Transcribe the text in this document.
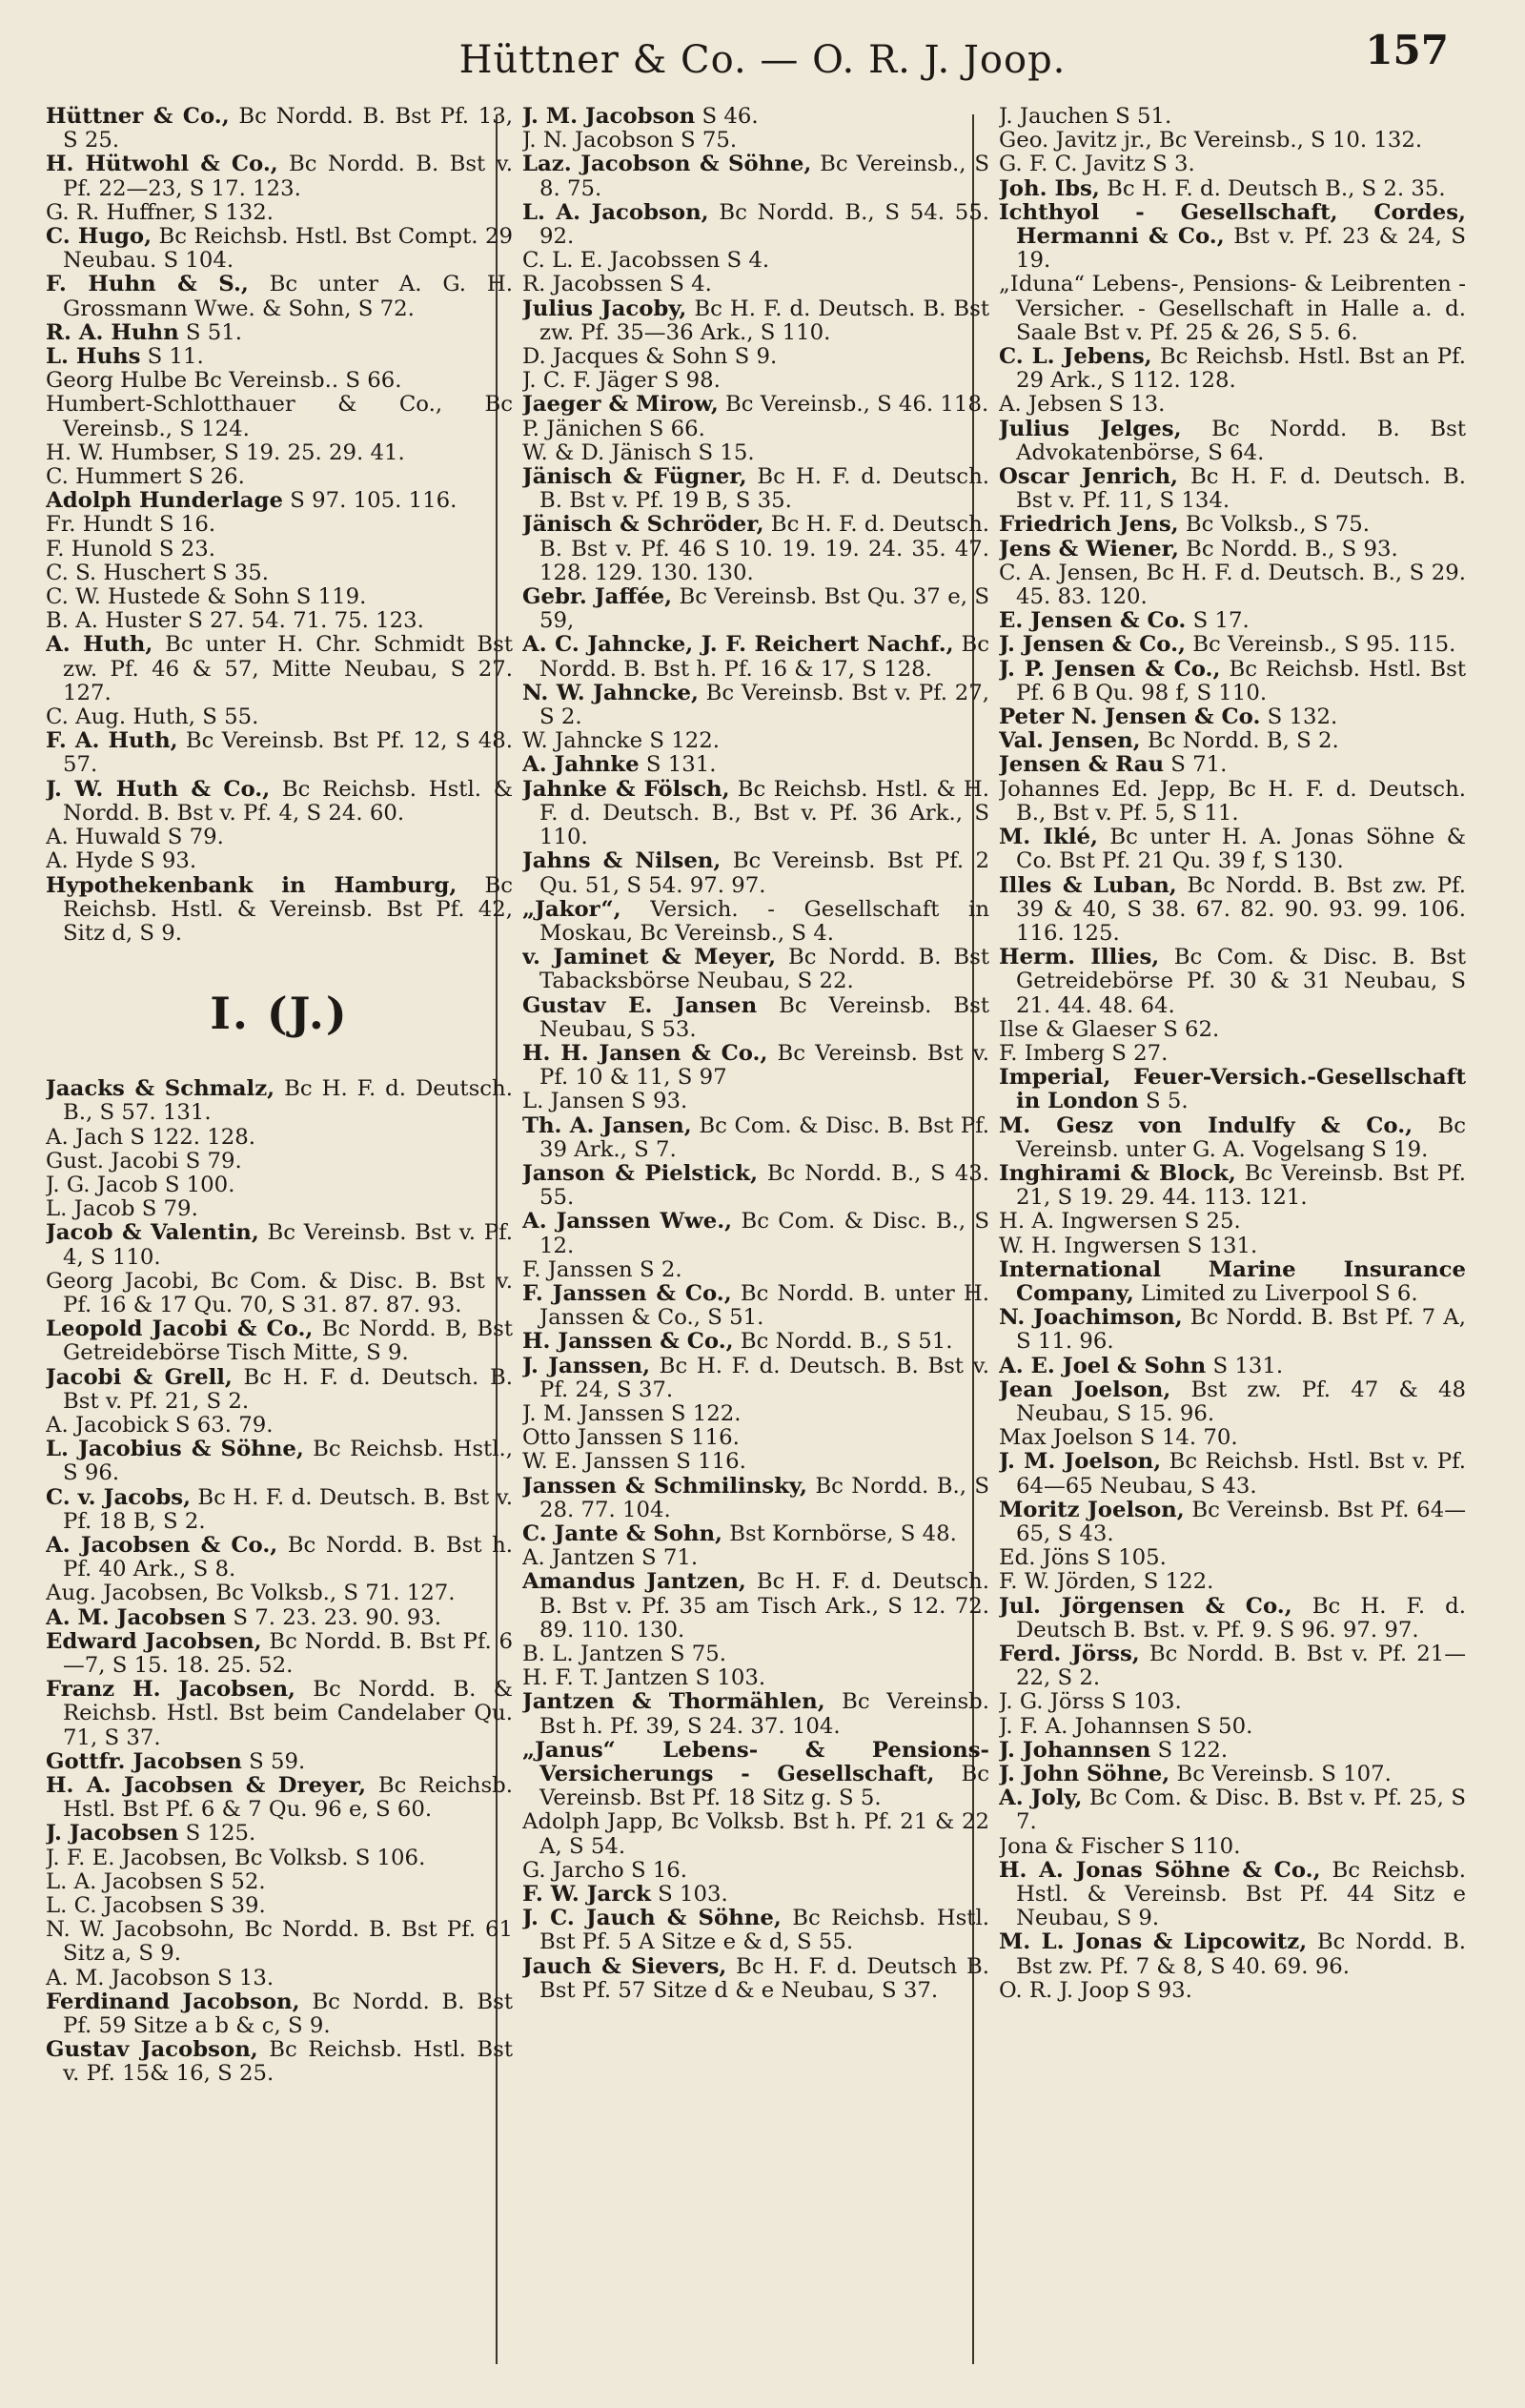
Hüttner & Co. — O. R. J. Joop.	157

Hüttner & Co., Bc Nordd. B. Bst Pf. 13, S 25.

H. Hütwohl & Co., Bc Nordd. B. Bst v. Pf. 22—23, S 17. 123.

G. R. Huffner, S 132.

C. Hugo, Bc Reichsb. Hstl. Bst Compt. 29 Neubau. S 104.

F. Huhn & S., Bc unter A. G. H. Grossmann Wwe. & Sohn, S 72.

R. A. Huhn S 51.

L. Huhs S 11.

Georg Hulbe Bc Vereinsb.. S 66.

Humbert-Schlotthauer & Co., Bc Vereinsb., S 124.

H. W. Humbser, S 19. 25. 29. 41.

C. Hummert S 26.

Adolph Hunderlage S 97. 105. 116.

Fr. Hundt S 16.

F. Hunold S 23.

C. S. Huschert S 35.

C. W. Hustede & Sohn S 119.

B. A. Huster S 27. 54. 71. 75. 123.

A. Huth, Bc unter H. Chr. Schmidt Bst zw. Pf. 46 & 57, Mitte Neubau, S 27. 127.

C. Aug. Huth, S 55.

F. A. Huth, Bc Vereinsb. Bst Pf. 12, S 48. 57.

J. W. Huth & Co., Bc Reichsb. Hstl. & Nordd. B. Bst v. Pf. 4, S 24. 60.

A. Huwald S 79.

A. Hyde S 93.

Hypothekenbank in Hamburg, Bc Reichsb. Hstl. & Vereinsb. Bst Pf. 42, Sitz d, S 9.

I. (J.)

Jaacks & Schmalz, Bc H. F. d. Deutsch. B., S 57. 131.

A. Jach S 122. 128.

Gust. Jacobi S 79.

J. G. Jacob S 100.

L. Jacob S 79.

Jacob & Valentin, Bc Vereinsb. Bst v. Pf. 4, S 110.

Georg Jacobi, Bc Com. & Disc. B. Bst v. Pf. 16 & 17 Qu. 70, S 31. 87. 87. 93.

Leopold Jacobi & Co., Bc Nordd. B, Bst Getreidebörse Tisch Mitte, S 9.

Jacobi & Grell, Bc H. F. d. Deutsch. B. Bst v. Pf. 21, S 2.

A. Jacobick S 63. 79.

L. Jacobius & Söhne, Bc Reichsb. Hstl., S 96.

C. v. Jacobs, Bc H. F. d. Deutsch. B. Bst v. Pf. 18 B, S 2.

A. Jacobsen & Co., Bc Nordd. B. Bst h. Pf. 40 Ark., S 8.

Aug. Jacobsen, Bc Volksb., S 71. 127.

A. M. Jacobsen S 7. 23. 23. 90. 93.

Edward Jacobsen, Bc Nordd. B. Bst Pf. 6—7, S 15. 18. 25. 52.

Franz H. Jacobsen, Bc Nordd. B. & Reichsb. Hstl. Bst beim Candelaber Qu. 71, S 37.

Gottfr. Jacobsen S 59.

H. A. Jacobsen & Dreyer, Bc Reichsb. Hstl. Bst Pf. 6 & 7 Qu. 96 e, S 60.

J. Jacobsen S 125.

J. F. E. Jacobsen, Bc Volksb. S 106.

L. A. Jacobsen S 52.

L. C. Jacobsen S 39.

N. W. Jacobsohn, Bc Nordd. B. Bst Pf. 61 Sitz a, S 9.

A. M. Jacobson S 13.

Ferdinand Jacobson, Bc Nordd. B. Bst Pf. 59 Sitze a b & c, S 9.

Gustav Jacobson, Bc Reichsb. Hstl. Bst v. Pf. 15& 16, S 25.

J. M. Jacobson S 46.

J. N. Jacobson S 75.

Laz. Jacobson & Söhne, Bc Vereinsb., S 8. 75.

L. A. Jacobson, Bc Nordd. B., S 54. 55. 92.

C. L. E. Jacobssen S 4.

R. Jacobssen S 4.

Julius Jacoby, Bc H. F. d. Deutsch. B. Bst zw. Pf. 35—36 Ark., S 110.

D. Jacques & Sohn S 9.

J. C. F. Jäger S 98.

Jaeger & Mirow, Bc Vereinsb., S 46. 118.

P. Jänichen S 66.

W. & D. Jänisch S 15.

Jänisch & Fügner, Bc H. F. d. Deutsch. B. Bst v. Pf. 19 B, S 35.

Jänisch & Schröder, Bc H. F. d. Deutsch. B. Bst v. Pf. 46 S 10. 19. 19. 24. 35. 47. 128. 129. 130. 130.

Gebr. Jaffée, Bc Vereinsb. Bst Qu. 37 e, S 59,

A. C. Jahncke, J. F. Reichert Nachf., Bc Nordd. B. Bst h. Pf. 16 & 17, S 128.

N. W. Jahncke, Bc Vereinsb. Bst v. Pf. 27, S 2.

W. Jahncke S 122.

A. Jahnke S 131.

Jahnke & Fölsch, Bc Reichsb. Hstl. & H. F. d. Deutsch. B., Bst v. Pf. 36 Ark., S 110.

Jahns & Nilsen, Bc Vereinsb. Bst Pf. 2 Qu. 51, S 54. 97. 97.

„Jakor“, Versich. - Gesellschaft in Moskau, Bc Vereinsb., S 4.

v. Jaminet & Meyer, Bc Nordd. B. Bst Tabacksbörse Neubau, S 22.

Gustav E. Jansen Bc Vereinsb. Bst Neubau, S 53.

H. H. Jansen & Co., Bc Vereinsb. Bst v. Pf. 10 & 11, S 97

L. Jansen S 93.

Th. A. Jansen, Bc Com. & Disc. B. Bst Pf. 39 Ark., S 7.

Janson & Pielstick, Bc Nordd. B., S 43. 55.

A. Janssen Wwe., Bc Com. & Disc. B., S 12.

F. Janssen S 2.

F. Janssen & Co., Bc Nordd. B. unter H. Janssen & Co., S 51.

H. Janssen & Co., Bc Nordd. B., S 51.

J. Janssen, Bc H. F. d. Deutsch. B. Bst v. Pf. 24, S 37.

J. M. Janssen S 122.

Otto Janssen S 116.

W. E. Janssen S 116.

Janssen & Schmilinsky, Bc Nordd. B., S 28. 77. 104.

C. Jante & Sohn, Bst Kornbörse, S 48.

A. Jantzen S 71.

Amandus Jantzen, Bc H. F. d. Deutsch. B. Bst v. Pf. 35 am Tisch Ark., S 12. 72. 89. 110. 130.

B. L. Jantzen S 75.

H. F. T. Jantzen S 103.

Jantzen & Thormählen, Bc Vereinsb. Bst h. Pf. 39, S 24. 37. 104.

„Janus“ Lebens- & Pensions-Versicherungs - Gesellschaft, Bc Vereinsb. Bst Pf. 18 Sitz g. S 5.

Adolph Japp, Bc Volksb. Bst h. Pf. 21 & 22 A, S 54.

G. Jarcho S 16.

F. W. Jarck S 103.

J. C. Jauch & Söhne, Bc Reichsb. Hstl. Bst Pf. 5 A Sitze e & d, S 55.

Jauch & Sievers, Bc H. F. d. Deutsch B. Bst Pf. 57 Sitze d & e Neubau, S 37.

J. Jauchen S 51.

Geo. Javitz jr., Bc Vereinsb., S 10. 132.

G. F. C. Javitz S 3.

Joh. Ibs, Bc H. F. d. Deutsch B., S 2. 35.

Ichthyol - Gesellschaft, Cordes, Hermanni & Co., Bst v. Pf. 23 & 24, S 19.

„Iduna“ Lebens-, Pensions- & Leibrenten - Versicher. - Gesellschaft in Halle a. d. Saale Bst v. Pf. 25 & 26, S 5. 6.

C. L. Jebens, Bc Reichsb. Hstl. Bst an Pf. 29 Ark., S 112. 128.

A. Jebsen S 13.

Julius Jelges, Bc Nordd. B. Bst Advokatenbörse, S 64.

Oscar Jenrich, Bc H. F. d. Deutsch. B. Bst v. Pf. 11, S 134.

Friedrich Jens, Bc Volksb., S 75.

Jens & Wiener, Bc Nordd. B., S 93.

C. A. Jensen, Bc H. F. d. Deutsch. B., S 29. 45. 83. 120.

E. Jensen & Co. S 17.

J. Jensen & Co., Bc Vereinsb., S 95. 115.

J. P. Jensen & Co., Bc Reichsb. Hstl. Bst Pf. 6 B Qu. 98 f, S 110.

Peter N. Jensen & Co. S 132.

Val. Jensen, Bc Nordd. B, S 2.

Jensen & Rau S 71.

Johannes Ed. Jepp, Bc H. F. d. Deutsch. B., Bst v. Pf. 5, S 11.

M. Iklé, Bc unter H. A. Jonas Söhne & Co. Bst Pf. 21 Qu. 39 f, S 130.

Illes & Luban, Bc Nordd. B. Bst zw. Pf. 39 & 40, S 38. 67. 82. 90. 93. 99. 106. 116. 125.

Herm. Illies, Bc Com. & Disc. B. Bst Getreidebörse Pf. 30 & 31 Neubau, S 21. 44. 48. 64.

Ilse & Glaeser S 62.

F. Imberg S 27.

Imperial, Feuer-Versich.-Gesellschaft in London S 5.

M. Gesz von Indulfy & Co., Bc Vereinsb. unter G. A. Vogelsang S 19.

Inghirami & Block, Bc Vereinsb. Bst Pf. 21, S 19. 29. 44. 113. 121.

H. A. Ingwersen S 25.

W. H. Ingwersen S 131.

International Marine Insurance Company, Limited zu Liverpool S 6.

N. Joachimson, Bc Nordd. B. Bst Pf. 7 A, S 11. 96.

A. E. Joel & Sohn S 131.

Jean Joelson, Bst zw. Pf. 47 & 48 Neubau, S 15. 96.

Max Joelson S 14. 70.

J. M. Joelson, Bc Reichsb. Hstl. Bst v. Pf. 64—65 Neubau, S 43.

Moritz Joelson, Bc Vereinsb. Bst Pf. 64—65, S 43.

Ed. Jöns S 105.

F. W. Jörden, S 122.

Jul. Jörgensen & Co., Bc H. F. d. Deutsch B. Bst. v. Pf. 9. S 96. 97. 97.

Ferd. Jörss, Bc Nordd. B. Bst v. Pf. 21—22, S 2.

J. G. Jörss S 103.

J. F. A. Johannsen S 50.

J. Johannsen S 122.

J. John Söhne, Bc Vereinsb. S 107.

A. Joly, Bc Com. & Disc. B. Bst v. Pf. 25, S 7.

Jona & Fischer S 110.

H. A. Jonas Söhne & Co., Bc Reichsb. Hstl. & Vereinsb. Bst Pf. 44 Sitz e Neubau, S 9.

M. L. Jonas & Lipcowitz, Bc Nordd. B. Bst zw. Pf. 7 & 8, S 40. 69. 96.

O. R. J. Joop S 93.
